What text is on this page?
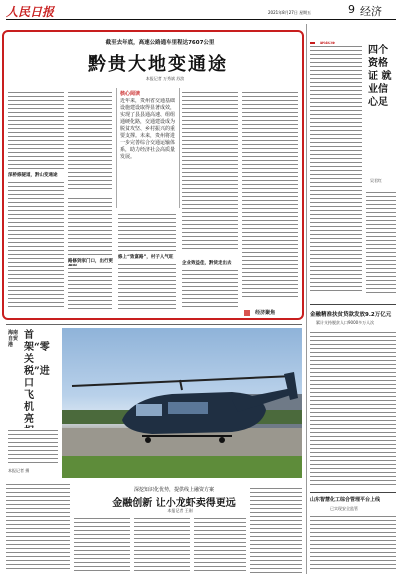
人民日报	2021年8月27日 星期五	9 经济
截至去年底，高速公路通车里程达7607公里
黔贵大地变通途
本报记者 万秀斌 苏滨
深桥修隧道，黔山变通途
路修到家门口，出行更
核心阅读
近年来，贵州省交通基础设施建设取得显著成效，实现了县县通高速、组组通硬化路，交通建设成为脱贫攻坚、乡村振兴的重要支撑。未来，贵州将进一步完善综合交通运输体系，助力经济社会高质量发展。
修上“致富路”，村子人气旺
企业效益佳，黔货走出去
经济聚焦
四个资格证 就业信心足
吴君红
金融精准扶贫贷款发放9.2万亿元
累计支持脱贫人口9000多万人次
山东智慧化工综合管理平台上线
已实现安全监管
海南自贸港
首架“零关税”进口飞机亮
本报记者 摄
深挖知识化优势，提供线上融资方案
金融创新 让小龙虾卖得更远
本报记者 王刚
